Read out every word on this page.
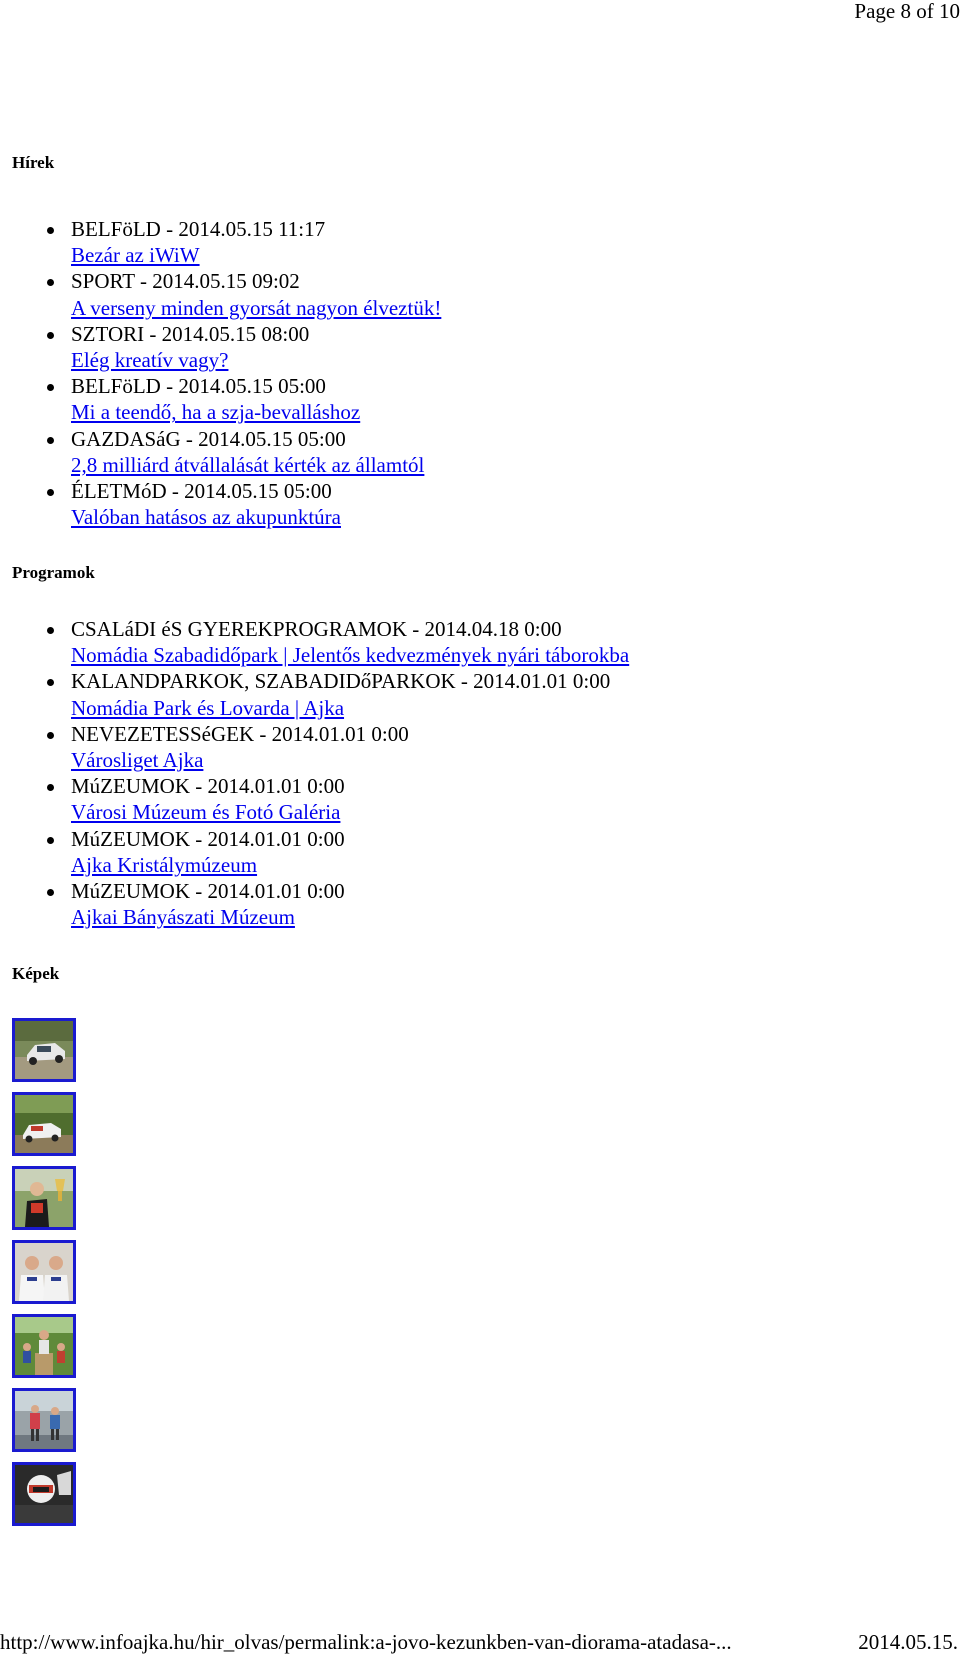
Page 8 of 10
Hírek
BELFöLD - 2014.05.15 11:17
Bezár az iWiW
SPORT - 2014.05.15 09:02
A verseny minden gyorsát nagyon élveztük!
SZTORI - 2014.05.15 08:00
Elég kreatív vagy?
BELFöLD - 2014.05.15 05:00
Mi a teendő, ha a szja-bevalláshoz
GAZDASáG - 2014.05.15 05:00
2,8 milliárd átvállalását kérték az államtól
ÉLETMóD - 2014.05.15 05:00
Valóban hatásos az akupunktúra
Programok
CSALáDI éS GYEREKPROGRAMOK - 2014.04.18 0:00
Nomádia Szabadidőpark | Jelentős kedvezmények nyári táborokba
KALANDPARKOK, SZABADIDőPARKOK - 2014.01.01 0:00
Nomádia Park és Lovarda | Ajka
NEVEZETESSéGEK - 2014.01.01 0:00
Városliget Ajka
MúZEUMOK - 2014.01.01 0:00
Városi Múzeum és Fotó Galéria
MúZEUMOK - 2014.01.01 0:00
Ajka Kristálymúzeum
MúZEUMOK - 2014.01.01 0:00
Ajkai Bányászati Múzeum
Képek
http://www.infoajka.hu/hir_olvas/permalink:a-jovo-kezunkben-van-diorama-atadasa-...	2014.05.15.
